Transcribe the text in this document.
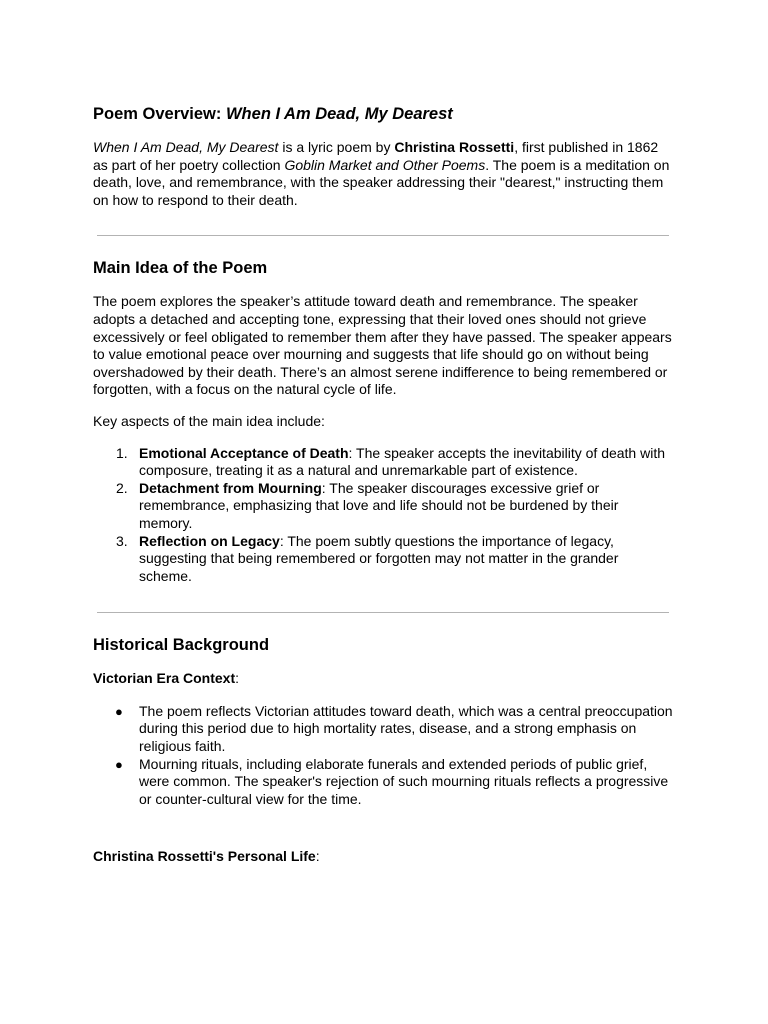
Poem Overview: When I Am Dead, My Dearest

When I Am Dead, My Dearest is a lyric poem by Christina Rossetti, first published in 1862 as part of her poetry collection Goblin Market and Other Poems. The poem is a meditation on death, love, and remembrance, with the speaker addressing their "dearest," instructing them on how to respond to their death.

Main Idea of the Poem

The poem explores the speaker’s attitude toward death and remembrance. The speaker adopts a detached and accepting tone, expressing that their loved ones should not grieve excessively or feel obligated to remember them after they have passed. The speaker appears to value emotional peace over mourning and suggests that life should go on without being overshadowed by their death. There’s an almost serene indifference to being remembered or forgotten, with a focus on the natural cycle of life.

Key aspects of the main idea include:

1. Emotional Acceptance of Death: The speaker accepts the inevitability of death with composure, treating it as a natural and unremarkable part of existence.
2. Detachment from Mourning: The speaker discourages excessive grief or remembrance, emphasizing that love and life should not be burdened by their memory.
3. Reflection on Legacy: The poem subtly questions the importance of legacy, suggesting that being remembered or forgotten may not matter in the grander scheme.
Historical Background

Victorian Era Context:

● The poem reflects Victorian attitudes toward death, which was a central preoccupation during this period due to high mortality rates, disease, and a strong emphasis on religious faith.
● Mourning rituals, including elaborate funerals and extended periods of public grief, were common. The speaker's rejection of such mourning rituals reflects a progressive or counter-cultural view for the time.

Christina Rossetti's Personal Life:
